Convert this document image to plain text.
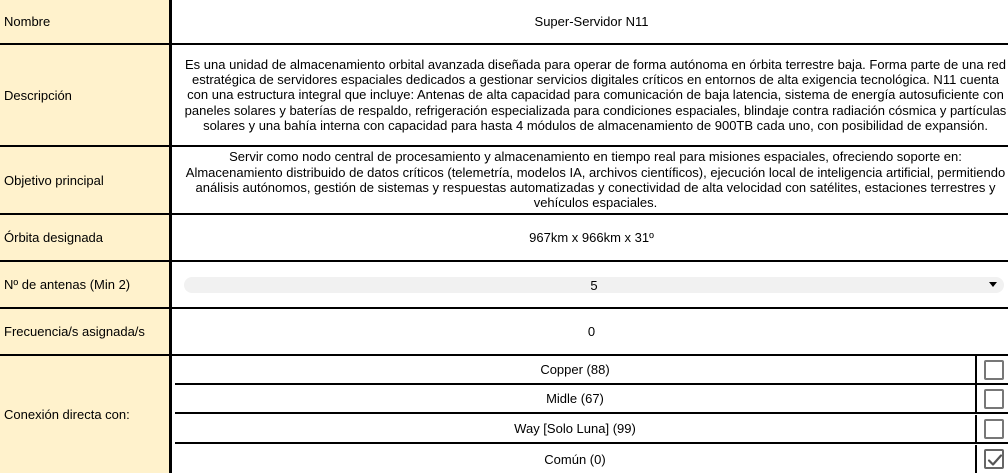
Nombre	Super-Servidor N11
Descripción
Es una unidad de almacenamiento orbital avanzada diseñada para operar de forma autónoma en órbita terrestre baja. Forma parte de una red estratégica de servidores espaciales dedicados a gestionar servicios digitales críticos en entornos de alta exigencia tecnológica. N11 cuenta con una estructura integral que incluye: Antenas de alta capacidad para comunicación de baja latencia, sistema de energía autosuficiente con paneles solares y baterías de respaldo, refrigeración especializada para condiciones espaciales, blindaje contra radiación cósmica y partículas solares y una bahía interna con capacidad para hasta 4 módulos de almacenamiento de 900TB cada uno, con posibilidad de expansión.
Objetivo principal
Servir como nodo central de procesamiento y almacenamiento en tiempo real para misiones espaciales, ofreciendo soporte en: Almacenamiento distribuido de datos críticos (telemetría, modelos IA, archivos científicos), ejecución local de inteligencia artificial, permitiendo análisis autónomos, gestión de sistemas y respuestas automatizadas y conectividad de alta velocidad con satélites, estaciones terrestres y vehículos espaciales.
Órbita designada	967km x 966km x 31º
Nº de antenas (Min 2)	5
Frecuencia/s asignada/s	0
Conexión directa con:
Copper (88)
Midle (67)
Way [Solo Luna] (99)
Común (0)
